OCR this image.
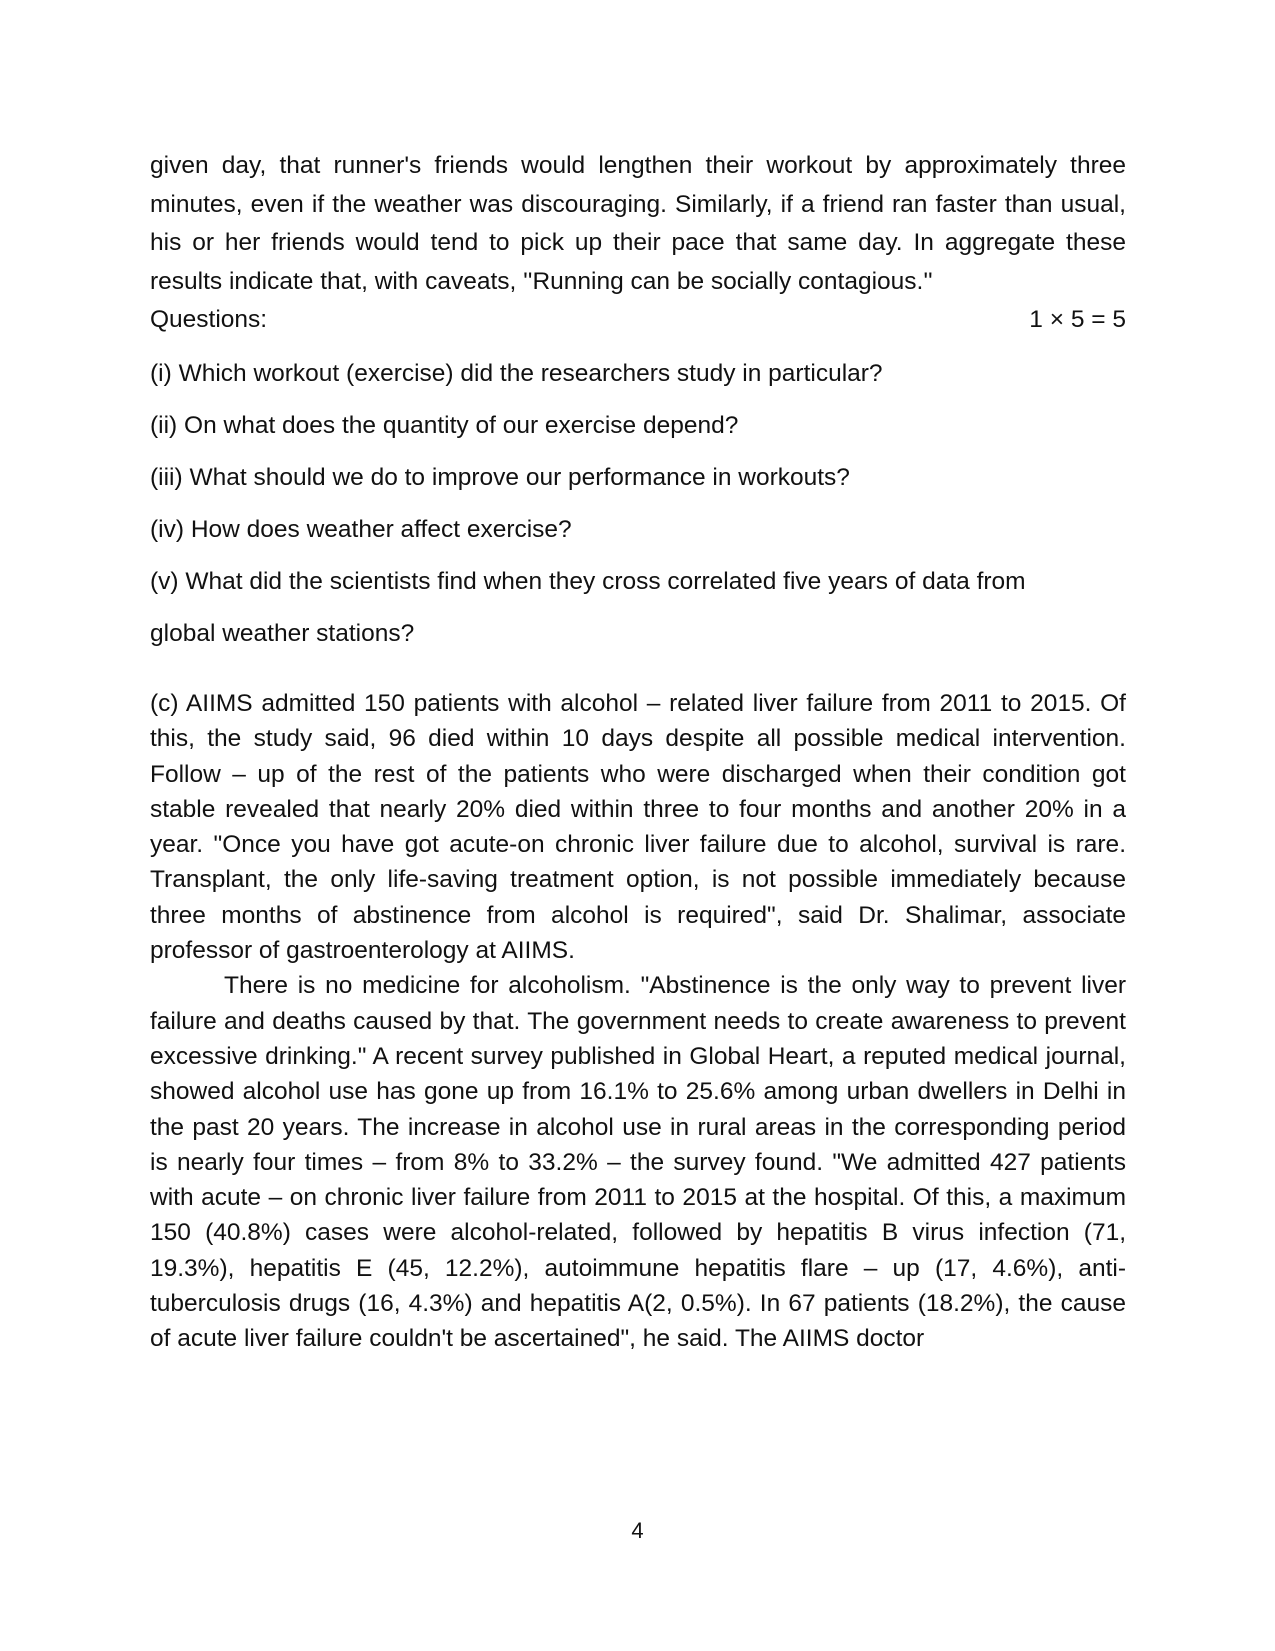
given day, that runner's friends would lengthen their workout by approximately three minutes, even if the weather was discouraging. Similarly, if a friend ran faster than usual, his or her friends would tend to pick up their pace that same day. In aggregate these results indicate that, with caveats, ''Running can be socially contagious.''

Questions:	1 × 5 = 5

(i) Which workout (exercise) did the researchers study in particular?

(ii) On what does the quantity of our exercise depend?

(iii) What should we do to improve our performance in workouts?

(iv) How does weather affect exercise?

(v) What did the scientists find when they cross correlated five years of data from

global weather stations?

(c) AIIMS admitted 150 patients with alcohol – related liver failure from 2011 to 2015. Of this, the study said, 96 died within 10 days despite all possible medical intervention. Follow – up of the rest of the patients who were discharged when their condition got stable revealed that nearly 20% died within three to four months and another 20% in a year. "Once you have got acute-on chronic liver failure due to alcohol, survival is rare. Transplant, the only life-saving treatment option, is not possible immediately because three months of abstinence from alcohol is required", said Dr. Shalimar, associate professor of gastroenterology at AIIMS.

There is no medicine for alcoholism. "Abstinence is the only way to prevent liver failure and deaths caused by that. The government needs to create awareness to prevent excessive drinking." A recent survey published in Global Heart, a reputed medical journal, showed alcohol use has gone up from 16.1% to 25.6% among urban dwellers in Delhi in the past 20 years. The increase in alcohol use in rural areas in the corresponding period is nearly four times – from 8% to 33.2% – the survey found. "We admitted 427 patients with acute – on chronic liver failure from 2011 to 2015 at the hospital. Of this, a maximum 150 (40.8%) cases were alcohol-related, followed by hepatitis B virus infection (71, 19.3%), hepatitis E (45, 12.2%), autoimmune hepatitis flare – up (17, 4.6%), anti-tuberculosis drugs (16, 4.3%) and hepatitis A(2, 0.5%). In 67 patients (18.2%), the cause of acute liver failure couldn't be ascertained", he said. The AIIMS doctor

4
